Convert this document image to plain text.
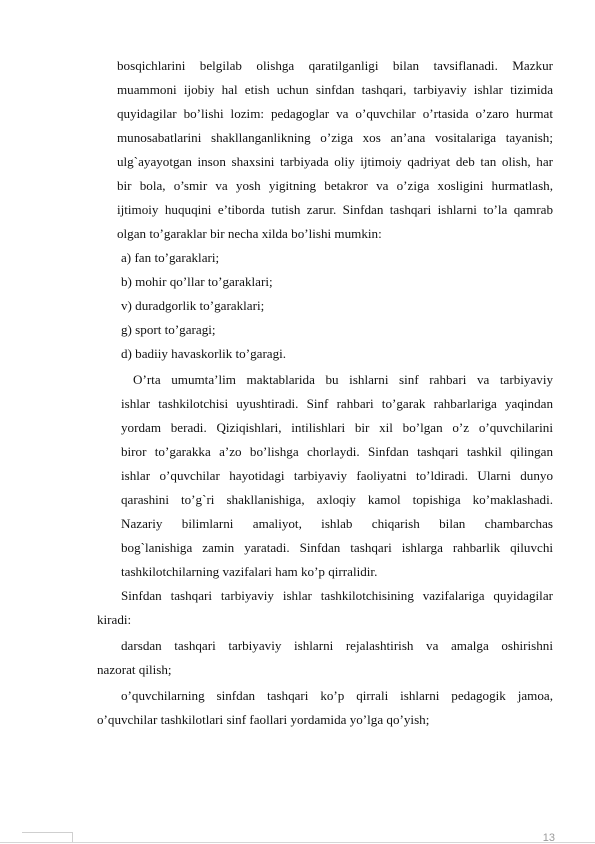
bosqichlarini belgilab olishga qaratilganligi bilan tavsiflanadi. Mazkur
muammoni ijobiy hal etish uchun sinfdan tashqari, tarbiyaviy ishlar tizimida
quyidagilar bo’lishi lozim: pedagoglar va o’quvchilar o’rtasida o’zaro hurmat
munosabatlarini shakllanganlikning o’ziga xos an’ana vositalariga tayanish;
ulg`ayayotgan inson shaxsini tarbiyada oliy ijtimoiy qadriyat deb tan olish, har
bir bola, o’smir va yosh yigitning betakror va o’ziga xosligini hurmatlash,
ijtimoiy huquqini e’tiborda tutish zarur. Sinfdan tashqari ishlarni to’la qamrab
olgan to’garaklar bir necha xilda bo’lishi mumkin:
a) fan to’garaklari;
b) mohir qo’llar to’garaklari;
v) duradgorlik to’garaklari;
g) sport to’garagi;
d) badiiy havaskorlik to’garagi.
O’rta umumta’lim maktablarida bu ishlarni sinf rahbari va tarbiyaviy
ishlar tashkilotchisi uyushtiradi. Sinf rahbari to’garak rahbarlariga yaqindan
yordam beradi. Qiziqishlari, intilishlari bir xil bo’lgan o’z o’quvchilarini
biror to’garakka a’zo bo’lishga chorlaydi. Sinfdan tashqari tashkil qilingan
ishlar o’quvchilar hayotidagi tarbiyaviy faoliyatni to’ldiradi. Ularni dunyo
qarashini to’g`ri shakllanishiga, axloqiy kamol topishiga ko’maklashadi.
Nazariy bilimlarni amaliyot, ishlab chiqarish bilan chambarchas
bog`lanishiga zamin yaratadi. Sinfdan tashqari ishlarga rahbarlik qiluvchi
tashkilotchilarning vazifalari ham ko’p qirralidir.
Sinfdan tashqari tarbiyaviy ishlar tashkilotchisining vazifalariga quyidagilar
kiradi:
darsdan tashqari tarbiyaviy ishlarni rejalashtirish va amalga oshirishni
nazorat qilish;
o’quvchilarning sinfdan tashqari ko’p qirrali ishlarni pedagogik jamoa,
o’quvchilar tashkilotlari sinf faollari yordamida yo’lga qo’yish;
13
